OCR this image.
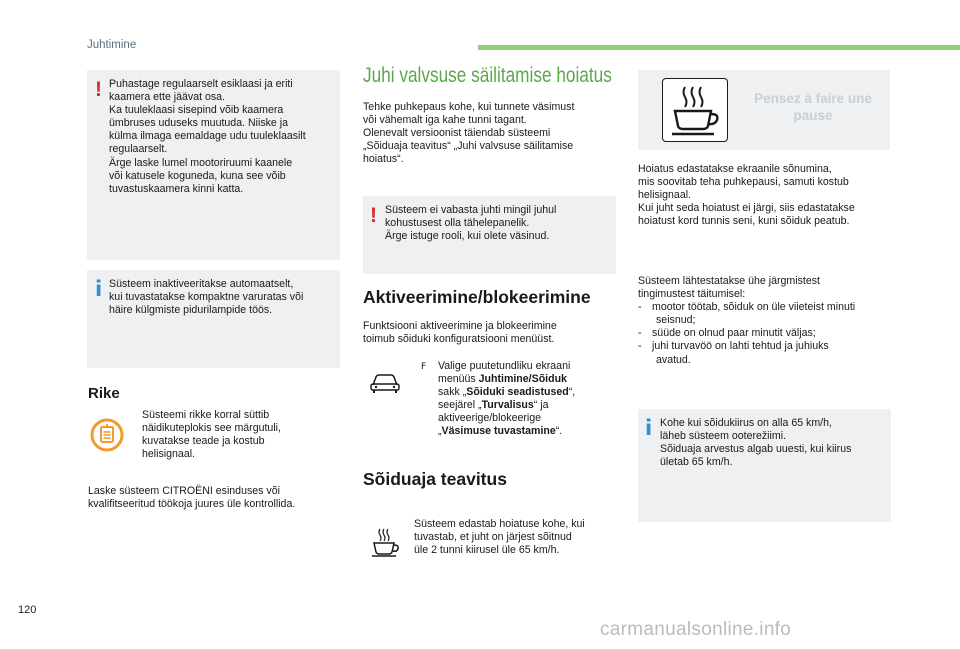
Juhtimine
! Puhastage regulaarselt esiklaasi ja eriti

kaamera ette jäävat osa.

Ka tuuleklaasi sisepind võib kaamera

ümbruses uduseks muutuda. Niiske ja

külma ilmaga eemaldage udu tuuleklaasilt

regulaarselt.

Ärge laske lumel mootoriruumi kaanele

või katusele koguneda, kuna see võib

tuvastuskaamera kinni katta.

i Süsteem inaktiveeritakse automaatselt,

kui tuvastatakse kompaktne varuratas või

häire külgmiste pidurilampide töös.

Rike

Süsteemi rikke korral süttib

näidikuteplokis see märgutuli,

kuvatakse teade ja kostub

helisignaal.

Laske süsteem CITROËNI esinduses või

kvalifitseeritud töökoja juures üle kontrollida.

Juhi valvsuse säilitamise hoiatus

Tehke puhkepaus kohe, kui tunnete väsimust

või vähemalt iga kahe tunni tagant.

Olenevalt versioonist täiendab süsteemi

„Sõiduaja teavitus“ „Juhi valvsuse säilitamise

hoiatus“.

! Süsteem ei vabasta juhti mingil juhul

kohustusest olla tähelepanelik.

Ärge istuge rooli, kui olete väsinud.

Aktiveerimine/blokeerimine

Funktsiooni aktiveerimine ja blokeerimine

toimub sõiduki konfiguratsiooni menüüst.

F Valige puutetundliku ekraani

menüüs Juhtimine/Sõiduk

sakk „Sõiduki seadistused“,

seejärel „Turvalisus“ ja

aktiveerige/blokeerige

„Väsimuse tuvastamine“.

Sõiduaja teavitus

Süsteem edastab hoiatuse kohe, kui

tuvastab, et juht on järjest sõitnud

üle 2 tunni kiirusel üle 65 km/h.

Pensez à faire une
pause

Hoiatus edastatakse ekraanile sõnumina,

mis soovitab teha puhkepausi, samuti kostub

helisignaal.

Kui juht seda hoiatust ei järgi, siis edastatakse

hoiatust kord tunnis seni, kuni sõiduk peatub.

Süsteem lähtestatakse ühe järgmistest

tingimustest täitumisel:

- mootor töötab, sõiduk on üle viieteist minuti

seisnud;

- süüde on olnud paar minutit väljas;

- juhi turvavöö on lahti tehtud ja juhiuks

avatud.

i Kohe kui sõidukiirus on alla 65 km/h,

läheb süsteem ooterežiimi.

Sõiduaja arvestus algab uuesti, kui kiirus

ületab 65 km/h.

120
carmanualsonline.info
